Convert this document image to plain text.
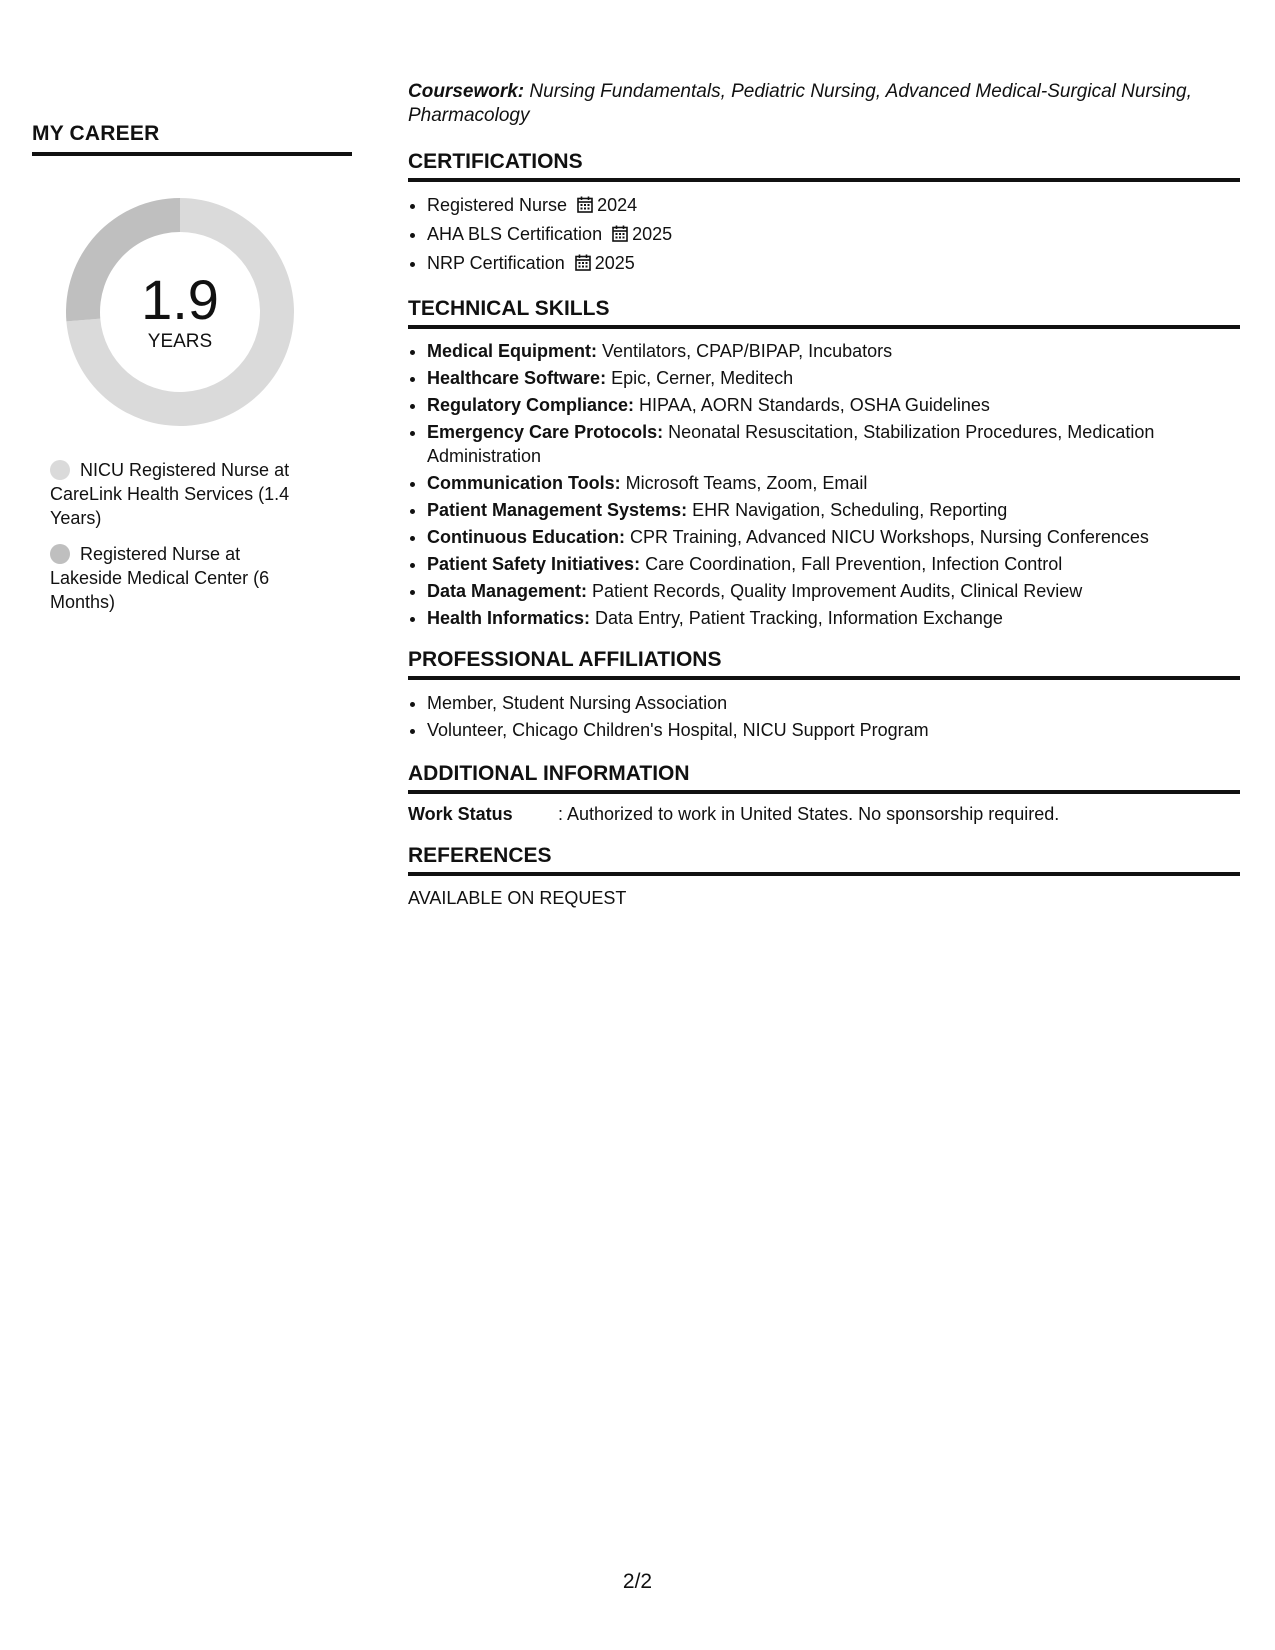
MY CAREER
1.9
YEARS
NICU Registered Nurse at CareLink Health Services (1.4 Years)
Registered Nurse at Lakeside Medical Center (6 Months)

Coursework: Nursing Fundamentals, Pediatric Nursing, Advanced Medical-Surgical Nursing, Pharmacology

CERTIFICATIONS
• Registered Nurse 2024
• AHA BLS Certification 2025
• NRP Certification 2025
TECHNICAL SKILLS
• Medical Equipment: Ventilators, CPAP/BIPAP, Incubators
• Healthcare Software: Epic, Cerner, Meditech
• Regulatory Compliance: HIPAA, AORN Standards, OSHA Guidelines
• Emergency Care Protocols: Neonatal Resuscitation, Stabilization Procedures, Medication Administration
• Communication Tools: Microsoft Teams, Zoom, Email
• Patient Management Systems: EHR Navigation, Scheduling, Reporting
• Continuous Education: CPR Training, Advanced NICU Workshops, Nursing Conferences
• Patient Safety Initiatives: Care Coordination, Fall Prevention, Infection Control
• Data Management: Patient Records, Quality Improvement Audits, Clinical Review
• Health Informatics: Data Entry, Patient Tracking, Information Exchange
PROFESSIONAL AFFILIATIONS
• Member, Student Nursing Association
• Volunteer, Chicago Children's Hospital, NICU Support Program
ADDITIONAL INFORMATION
Work Status	: Authorized to work in United States. No sponsorship required.
REFERENCES
AVAILABLE ON REQUEST
2/2
